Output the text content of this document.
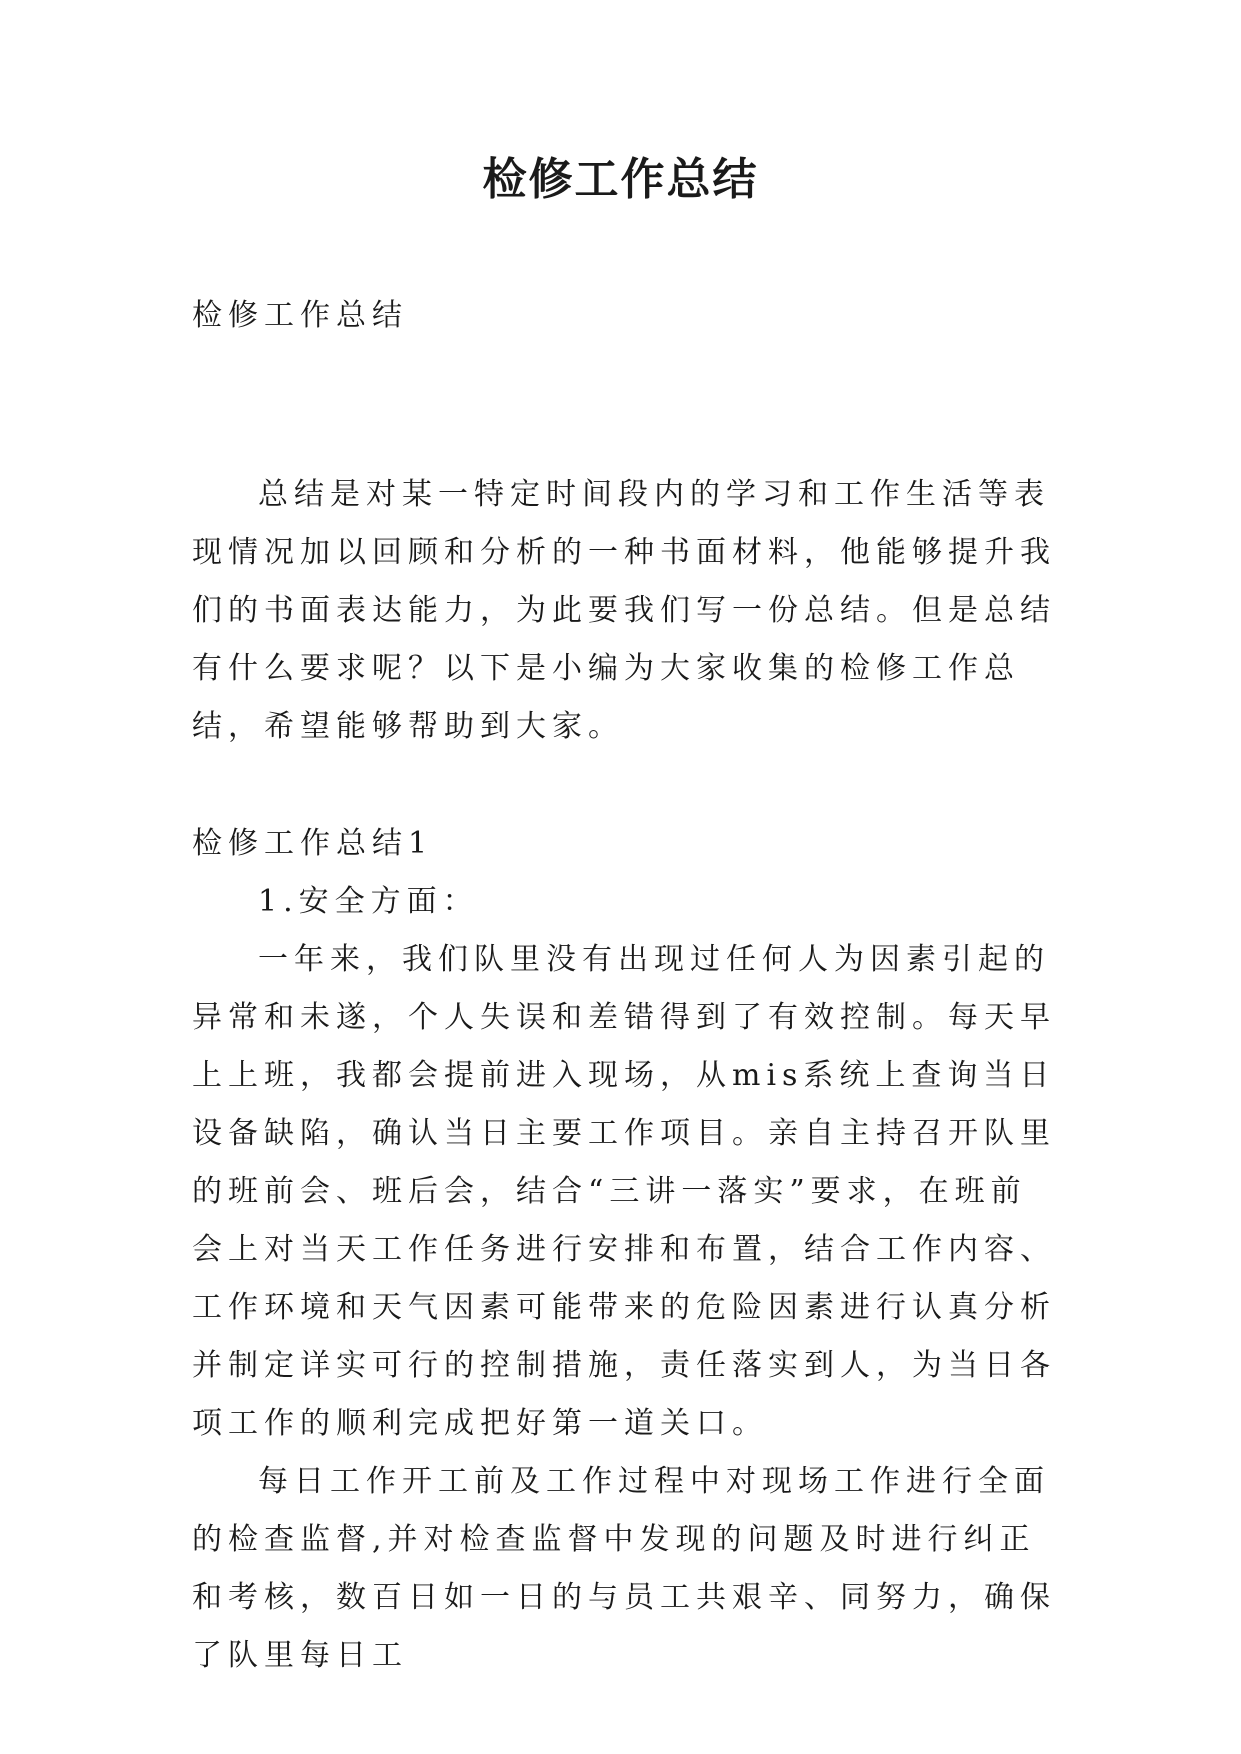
检修工作总结

检修工作总结

总结是对某一特定时间段内的学习和工作生活等表现情况加以回顾和分析的一种书面材料，他能够提升我们的书面表达能力，为此要我们写一份总结。但是总结有什么要求呢？以下是小编为大家收集的检修工作总结，希望能够帮助到大家。

检修工作总结1

1.安全方面：

一年来，我们队里没有出现过任何人为因素引起的异常和未遂，个人失误和差错得到了有效控制。每天早上上班，我都会提前进入现场，从mis系统上查询当日设备缺陷，确认当日主要工作项目。亲自主持召开队里的班前会、班后会，结合“三讲一落实”要求，在班前会上对当天工作任务进行安排和布置，结合工作内容、工作环境和天气因素可能带来的危险因素进行认真分析并制定详实可行的控制措施，责任落实到人，为当日各项工作的顺利完成把好第一道关口。

每日工作开工前及工作过程中对现场工作进行全面的检查监督,并对检查监督中发现的问题及时进行纠正和考核，数百日如一日的与员工共艰辛、同努力，确保了队里每日工
